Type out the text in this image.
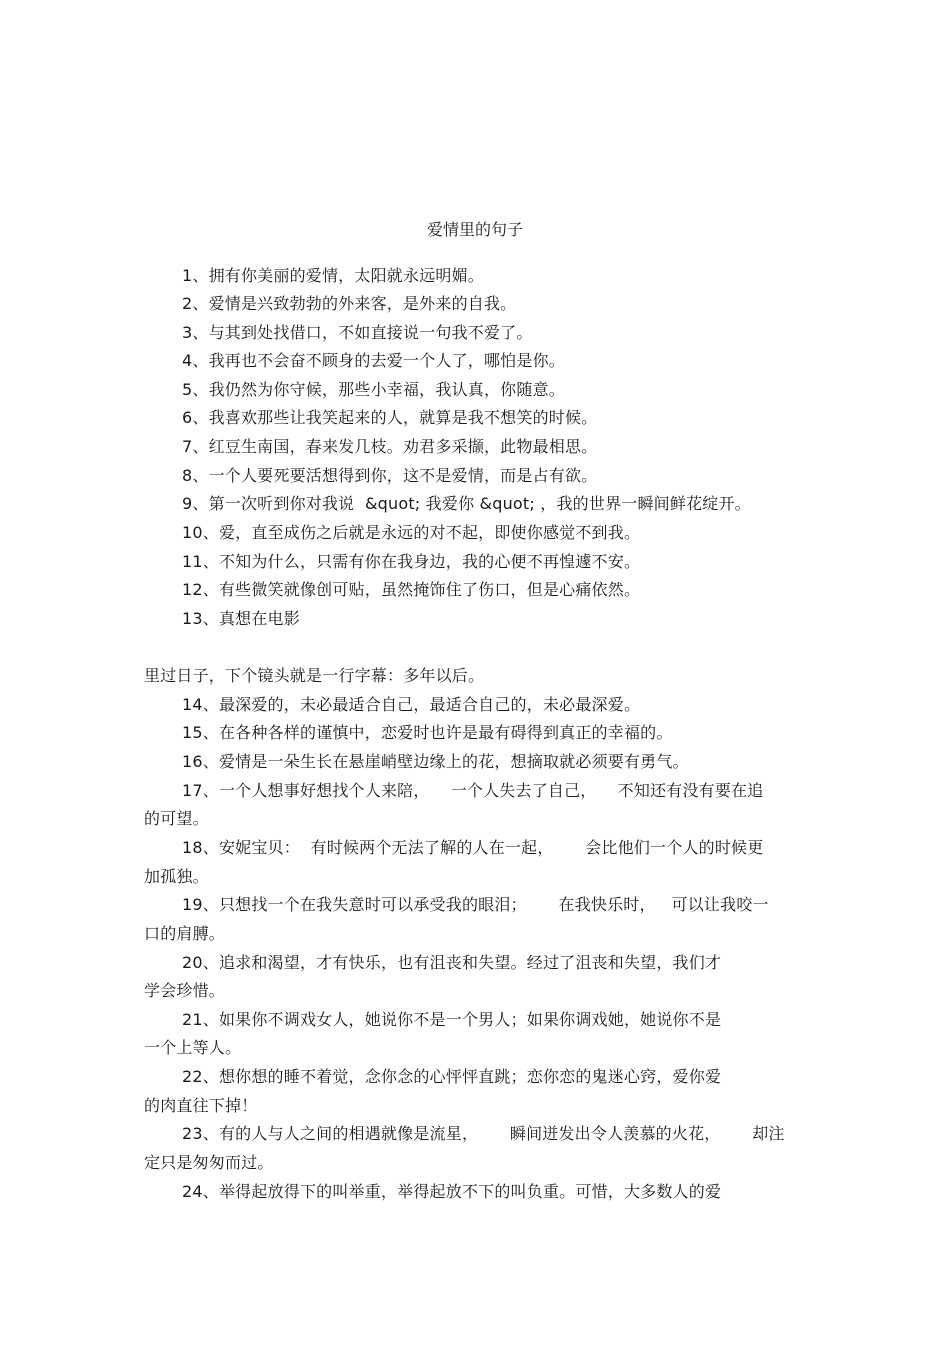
爱情里的句子
1、拥有你美丽的爱情，太阳就永远明媚。
2、爱情是兴致勃勃的外来客，是外来的自我。
3、与其到处找借口，不如直接说一句我不爱了。
4、我再也不会奋不顾身的去爱一个人了，哪怕是你。
5、我仍然为你守候，那些小幸福，我认真，你随意。
6、我喜欢那些让我笑起来的人，就算是我不想笑的时候。
7、红豆生南国，春来发几枝。劝君多采撷，此物最相思。
8、一个人要死要活想得到你，这不是爱情，而是占有欲。
9、第一次听到你对我说  &quot; 我爱你 &quot; ，我的世界一瞬间鲜花绽开。
10、爱，直至成伤之后就是永远的对不起，即使你感觉不到我。
11、不知为什么，只需有你在我身边，我的心便不再惶遽不安。
12、有些微笑就像创可贴，虽然掩饰住了伤口，但是心痛依然。
13、真想在电影
里过日子，下个镜头就是一行字幕：多年以后。
14、最深爱的，未必最适合自己，最适合自己的，未必最深爱。
15、在各种各样的谨慎中，恋爱时也许是最有碍得到真正的幸福的。
16、爱情是一朵生长在悬崖峭壁边缘上的花，想摘取就必须要有勇气。
17、一个人想事好想找个人来陪，    一个人失去了自己，    不知还有没有要在追
的可望。
18、安妮宝贝：  有时候两个无法了解的人在一起，      会比他们一个人的时候更
加孤独。
19、只想找一个在我失意时可以承受我的眼泪；      在我快乐时，   可以让我咬一
口的肩膊。
20、追求和渴望，才有快乐，也有沮丧和失望。经过了沮丧和失望，我们才
学会珍惜。
21、如果你不调戏女人，她说你不是一个男人；如果你调戏她，她说你不是
一个上等人。
22、想你想的睡不着觉，念你念的心怦怦直跳；恋你恋的鬼迷心窍，爱你爱
的肉直往下掉！
23、有的人与人之间的相遇就像是流星，      瞬间迸发出令人羡慕的火花，      却注
定只是匆匆而过。
24、举得起放得下的叫举重，举得起放不下的叫负重。可惜，大多数人的爱
